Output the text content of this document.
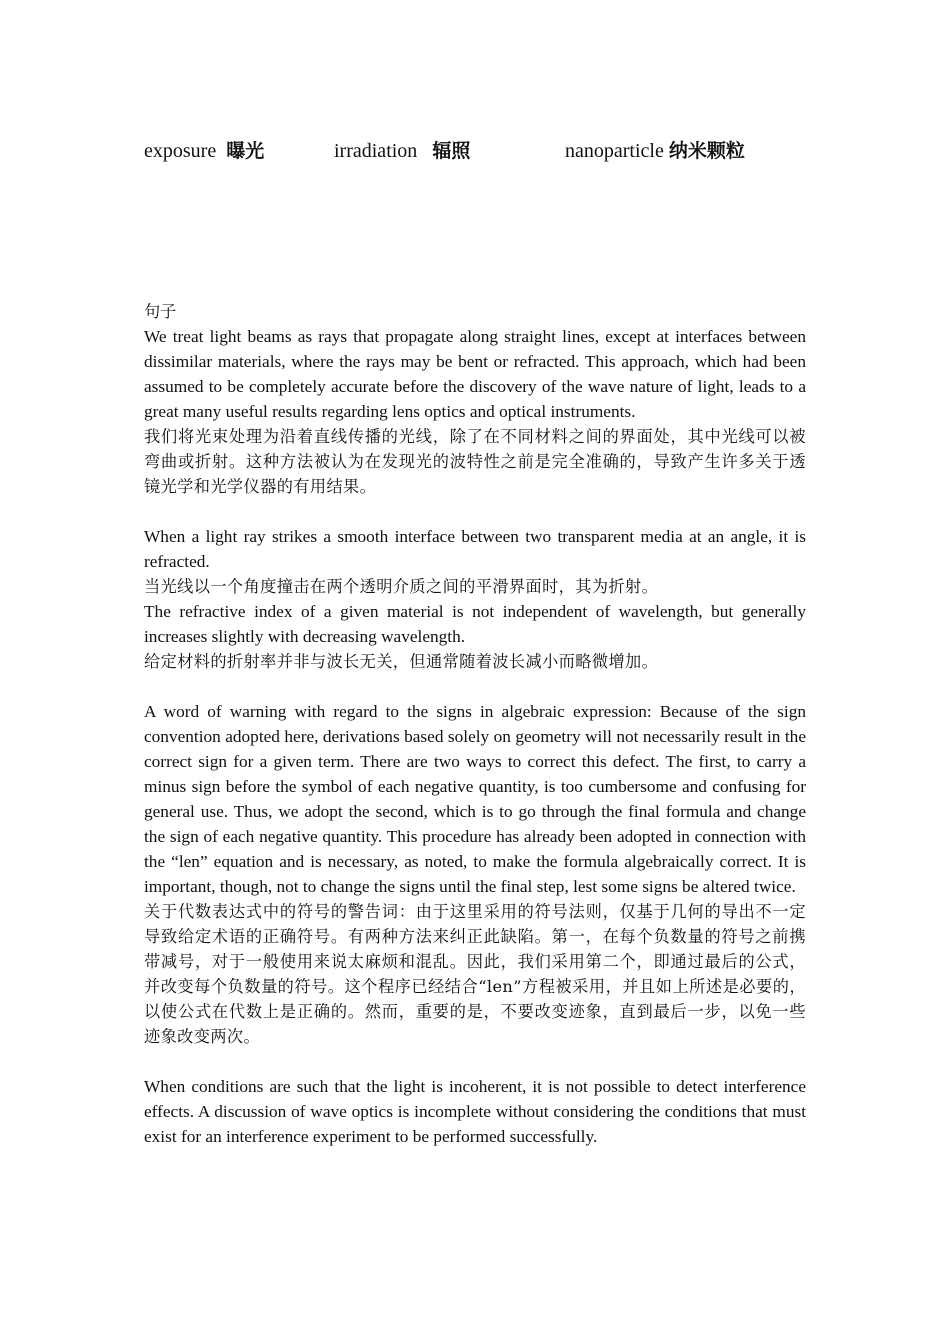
exposure 曝光	irradiation 辐照	nanoparticle 纳米颗粒

句子

We treat light beams as rays that propagate along straight lines, except at interfaces between dissimilar materials, where the rays may be bent or refracted. This approach, which had been assumed to be completely accurate before the discovery of the wave nature of light, leads to a great many useful results regarding lens optics and optical instruments.

我们将光束处理为沿着直线传播的光线，除了在不同材料之间的界面处，其中光线可以被弯曲或折射。这种方法被认为在发现光的波特性之前是完全准确的，导致产生许多关于透镜光学和光学仪器的有用结果。

When a light ray strikes a smooth interface between two transparent media at an angle, it is refracted.

当光线以一个角度撞击在两个透明介质之间的平滑界面时，其为折射。

The refractive index of a given material is not independent of wavelength, but generally increases slightly with decreasing wavelength.

给定材料的折射率并非与波长无关，但通常随着波长减小而略微增加。

A word of warning with regard to the signs in algebraic expression: Because of the sign convention adopted here, derivations based solely on geometry will not necessarily result in the correct sign for a given term. There are two ways to correct this defect. The first, to carry a minus sign before the symbol of each negative quantity, is too cumbersome and confusing for general use. Thus, we adopt the second, which is to go through the final formula and change the sign of each negative quantity. This procedure has already been adopted in connection with the “len” equation and is necessary, as noted, to make the formula algebraically correct. It is important, though, not to change the signs until the final step, lest some signs be altered twice.

关于代数表达式中的符号的警告词：由于这里采用的符号法则，仅基于几何的导出不一定导致给定术语的正确符号。有两种方法来纠正此缺陷。第一，在每个负数量的符号之前携带减号，对于一般使用来说太麻烦和混乱。因此，我们采用第二个，即通过最后的公式，并改变每个负数量的符号。这个程序已经结合“len”方程被采用，并且如上所述是必要的，以使公式在代数上是正确的。然而，重要的是，不要改变迹象，直到最后一步，以免一些迹象改变两次。

When conditions are such that the light is incoherent, it is not possible to detect interference effects. A discussion of wave optics is incomplete without considering the conditions that must exist for an interference experiment to be performed successfully.
